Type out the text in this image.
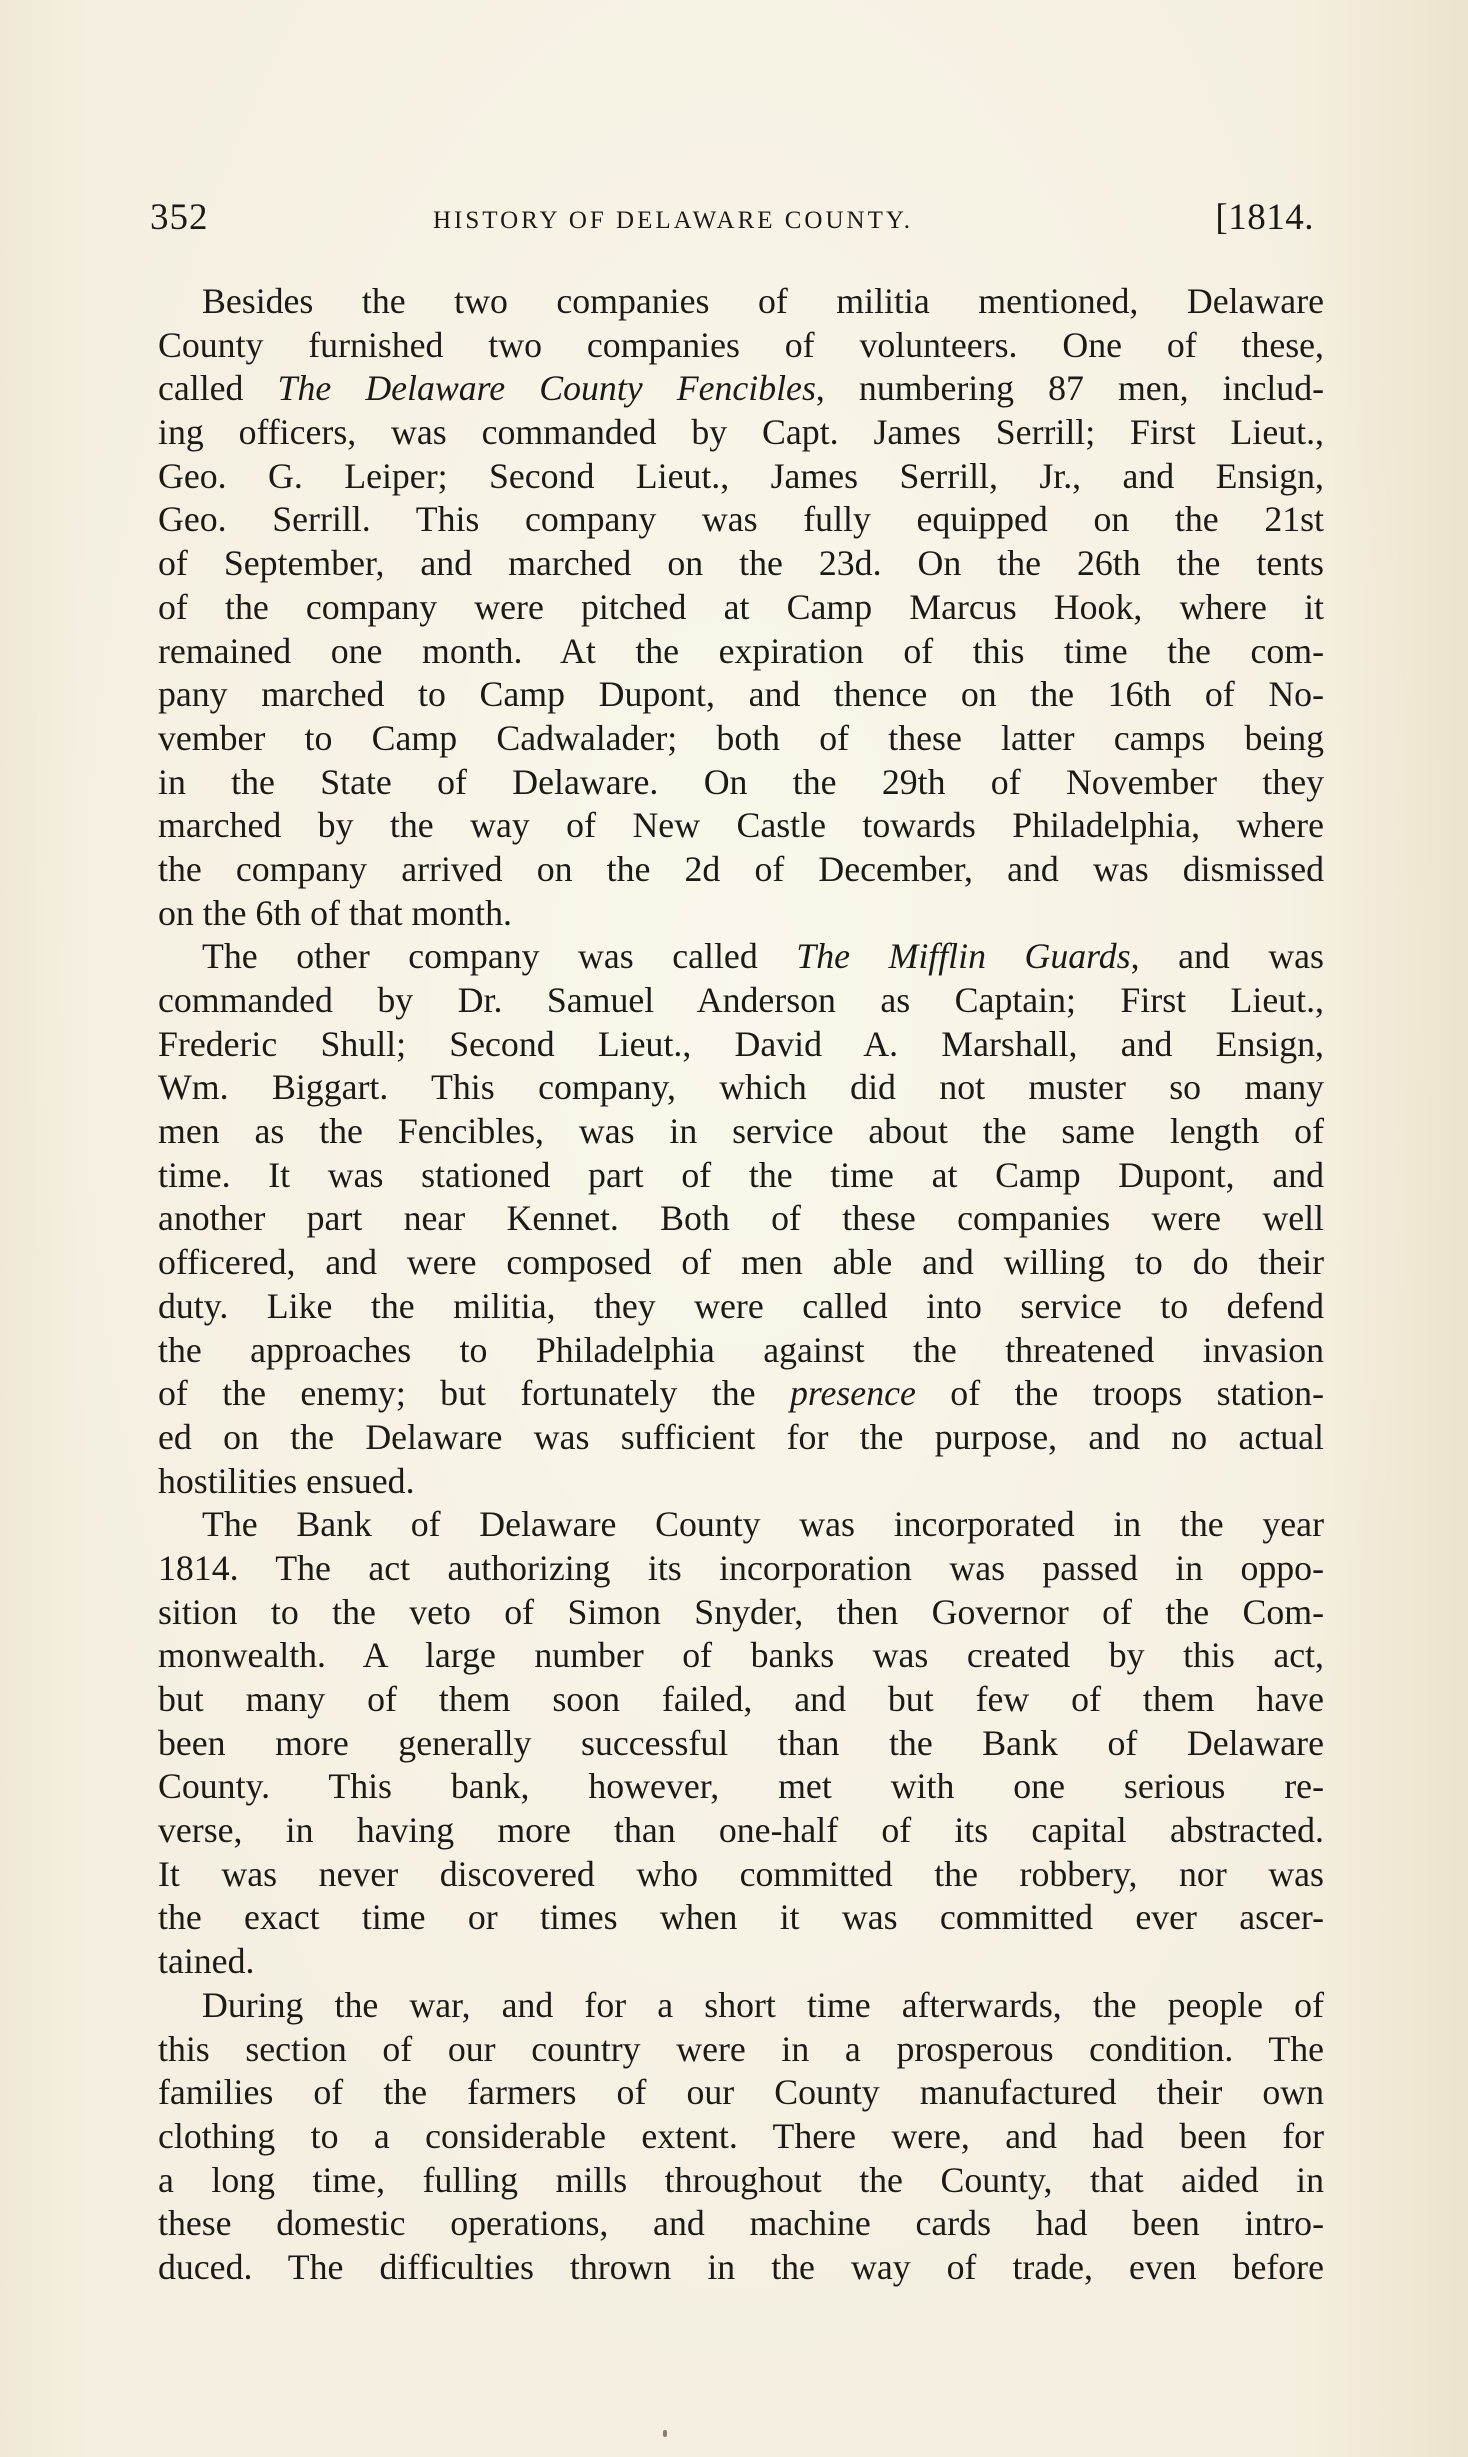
352	HISTORY OF DELAWARE COUNTY.	[1814.
Besides the two companies of militia mentioned, Delaware
County furnished two companies of volunteers. One of these,
called The Delaware County Fencibles, numbering 87 men, includ-
ing officers, was commanded by Capt. James Serrill; First Lieut.,
Geo. G. Leiper; Second Lieut., James Serrill, Jr., and Ensign,
Geo. Serrill. This company was fully equipped on the 21st
of September, and marched on the 23d. On the 26th the tents
of the company were pitched at Camp Marcus Hook, where it
remained one month. At the expiration of this time the com-
pany marched to Camp Dupont, and thence on the 16th of No-
vember to Camp Cadwalader; both of these latter camps being
in the State of Delaware. On the 29th of November they
marched by the way of New Castle towards Philadelphia, where
the company arrived on the 2d of December, and was dismissed
on the 6th of that month.
The other company was called The Mifflin Guards, and was
commanded by Dr. Samuel Anderson as Captain; First Lieut.,
Frederic Shull; Second Lieut., David A. Marshall, and Ensign,
Wm. Biggart. This company, which did not muster so many
men as the Fencibles, was in service about the same length of
time. It was stationed part of the time at Camp Dupont, and
another part near Kennet. Both of these companies were well
officered, and were composed of men able and willing to do their
duty. Like the militia, they were called into service to defend
the approaches to Philadelphia against the threatened invasion
of the enemy; but fortunately the presence of the troops station-
ed on the Delaware was sufficient for the purpose, and no actual
hostilities ensued.
The Bank of Delaware County was incorporated in the year
1814. The act authorizing its incorporation was passed in oppo-
sition to the veto of Simon Snyder, then Governor of the Com-
monwealth. A large number of banks was created by this act,
but many of them soon failed, and but few of them have
been more generally successful than the Bank of Delaware
County. This bank, however, met with one serious re-
verse, in having more than one-half of its capital abstracted.
It was never discovered who committed the robbery, nor was
the exact time or times when it was committed ever ascer-
tained.
During the war, and for a short time afterwards, the people of
this section of our country were in a prosperous condition. The
families of the farmers of our County manufactured their own
clothing to a considerable extent. There were, and had been for
a long time, fulling mills throughout the County, that aided in
these domestic operations, and machine cards had been intro-
duced. The difficulties thrown in the way of trade, even before
